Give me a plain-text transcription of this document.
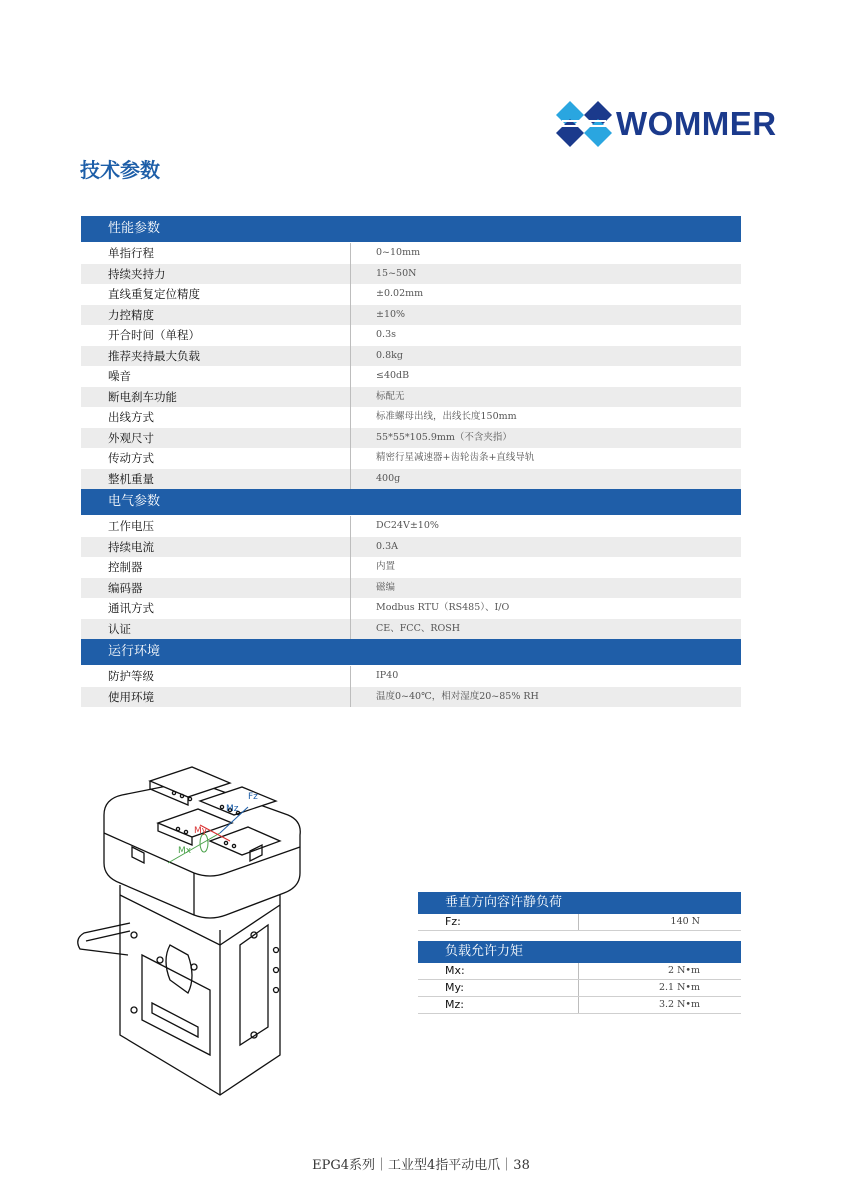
WOMMER
技术参数
性能参数
单指行程	0~10mm
持续夹持力	15~50N
直线重复定位精度	±0.02mm
力控精度	±10%
开合时间（单程）	0.3s
推荐夹持最大负载	0.8kg
噪音	≤40dB
断电刹车功能	标配无
出线方式	标准螺母出线，出线长度150mm
外观尺寸	55*55*105.9mm（不含夹指）
传动方式	精密行星减速器+齿轮齿条+直线导轨
整机重量	400g
电气参数
工作电压	DC24V±10%
持续电流	0.3A
控制器	内置
编码器	磁编
通讯方式	Modbus RTU（RS485）、I/O
认证	CE、FCC、ROSH
运行环境
防护等级	IP40
使用环境	温度0~40℃，相对湿度20~85% RH
Mx
My
Mz
Fz
垂直方向容许静负荷
Fz:	140 N
负载允许力矩
Mx:	2 N•m
My:	2.1 N•m
Mz:	3.2 N•m
EPG4系列｜工业型4指平动电爪｜38
